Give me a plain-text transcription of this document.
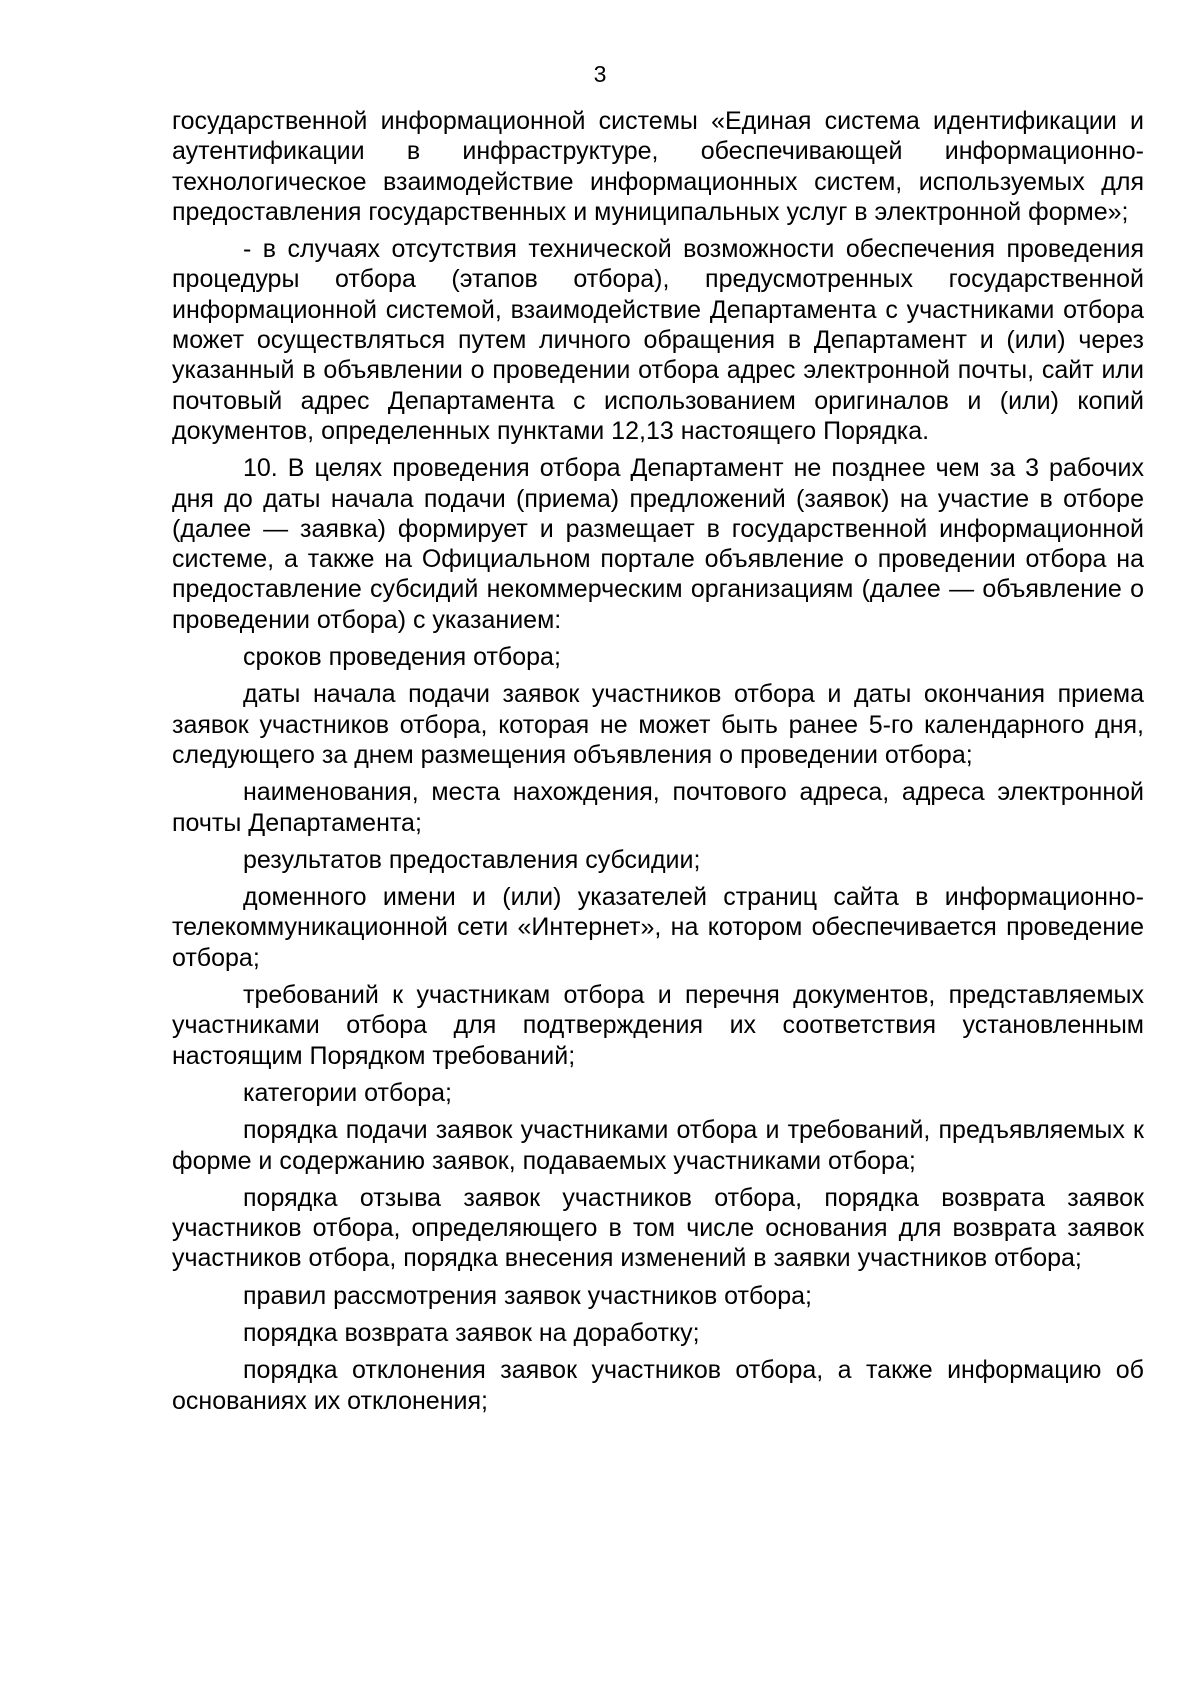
3

государственной информационной системы «Единая система идентификации и аутентификации в инфраструктуре, обеспечивающей информационно-технологическое взаимодействие информационных систем, используемых для предоставления государственных и муниципальных услуг в электронной форме»;

- в случаях отсутствия технической возможности обеспечения проведения процедуры отбора (этапов отбора), предусмотренных государственной информационной системой, взаимодействие Департамента с участниками отбора может осуществляться путем личного обращения в Департамент и (или) через указанный в объявлении о проведении отбора адрес электронной почты, сайт или почтовый адрес Департамента с использованием оригиналов и (или) копий документов, определенных пунктами 12,13 настоящего Порядка.

10. В целях проведения отбора Департамент не позднее чем за 3 рабочих дня до даты начала подачи (приема) предложений (заявок) на участие в отборе (далее — заявка) формирует и размещает в государственной информационной системе, а также на Официальном портале объявление о проведении отбора на предоставление субсидий некоммерческим организациям (далее — объявление о проведении отбора) с указанием:

сроков проведения отбора;

даты начала подачи заявок участников отбора и даты окончания приема заявок участников отбора, которая не может быть ранее 5-го календарного дня, следующего за днем размещения объявления о проведении отбора;

наименования, места нахождения, почтового адреса, адреса электронной почты Департамента;

результатов предоставления субсидии;

доменного имени и (или) указателей страниц сайта в информационно-телекоммуникационной сети «Интернет», на котором обеспечивается проведение отбора;

требований к участникам отбора и перечня документов, представляемых участниками отбора для подтверждения их соответствия установленным настоящим Порядком требований;

категории отбора;

порядка подачи заявок участниками отбора и требований, предъявляемых к форме и содержанию заявок, подаваемых участниками отбора;

порядка отзыва заявок участников отбора, порядка возврата заявок участников отбора, определяющего в том числе основания для возврата заявок участников отбора, порядка внесения изменений в заявки участников отбора;

правил рассмотрения заявок участников отбора;

порядка возврата заявок на доработку;

порядка отклонения заявок участников отбора, а также информацию об основаниях их отклонения;
